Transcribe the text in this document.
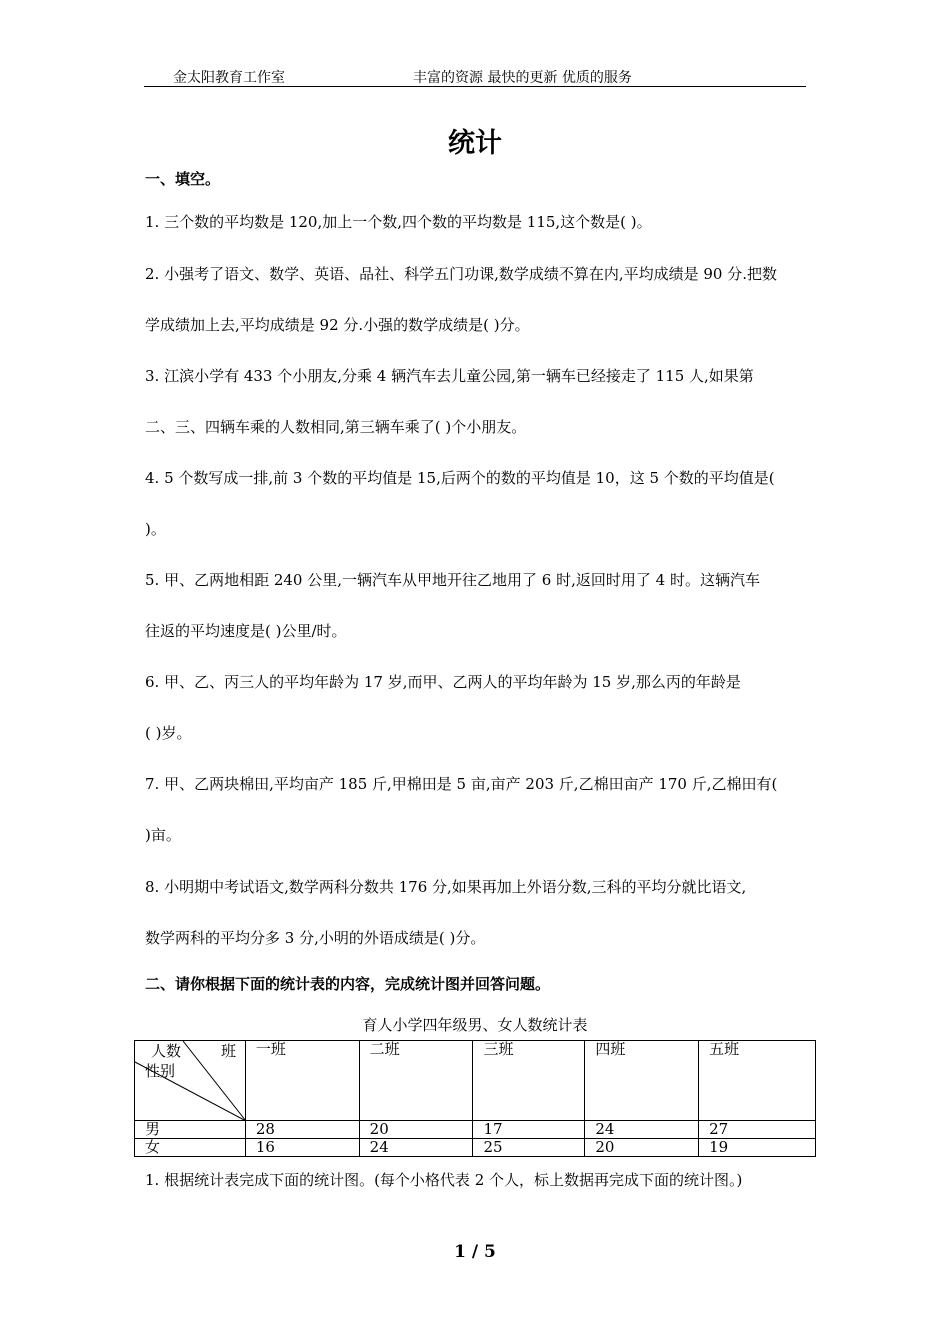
金太阳教育工作室	丰富的资源 最快的更新 优质的服务
统计
一、填空。
1. 三个数的平均数是 120,加上一个数,四个数的平均数是 115,这个数是( )。
2. 小强考了语文、数学、英语、品社、科学五门功课,数学成绩不算在内,平均成绩是 90 分.把数
学成绩加上去,平均成绩是 92 分.小强的数学成绩是( )分。
3. 江滨小学有 433 个小朋友,分乘 4 辆汽车去儿童公园,第一辆车已经接走了 115 人,如果第
二、三、四辆车乘的人数相同,第三辆车乘了( )个小朋友。
4. 5 个数写成一排,前 3 个数的平均值是 15,后两个的数的平均值是 10，这 5 个数的平均值是(
)。
5. 甲、乙两地相距 240 公里,一辆汽车从甲地开往乙地用了 6 时,返回时用了 4 时。这辆汽车
往返的平均速度是( )公里/时。
6. 甲、乙、丙三人的平均年龄为 17 岁,而甲、乙两人的平均年龄为 15 岁,那么丙的年龄是
( )岁。
7. 甲、乙两块棉田,平均亩产 185 斤,甲棉田是 5 亩,亩产 203 斤,乙棉田亩产 170 斤,乙棉田有(
)亩。
8. 小明期中考试语文,数学两科分数共 176 分,如果再加上外语分数,三科的平均分就比语文,
数学两科的平均分多 3 分,小明的外语成绩是( )分。
二、请你根据下面的统计表的内容，完成统计图并回答问题。
育人小学四年级男、女人数统计表
人数 班
性别	一班	二班	三班	四班	五班
男	28	20	17	24	27
女	16	24	25	20	19
1. 根据统计表完成下面的统计图。(每个小格代表 2 个人，标上数据再完成下面的统计图。)
1 / 5
